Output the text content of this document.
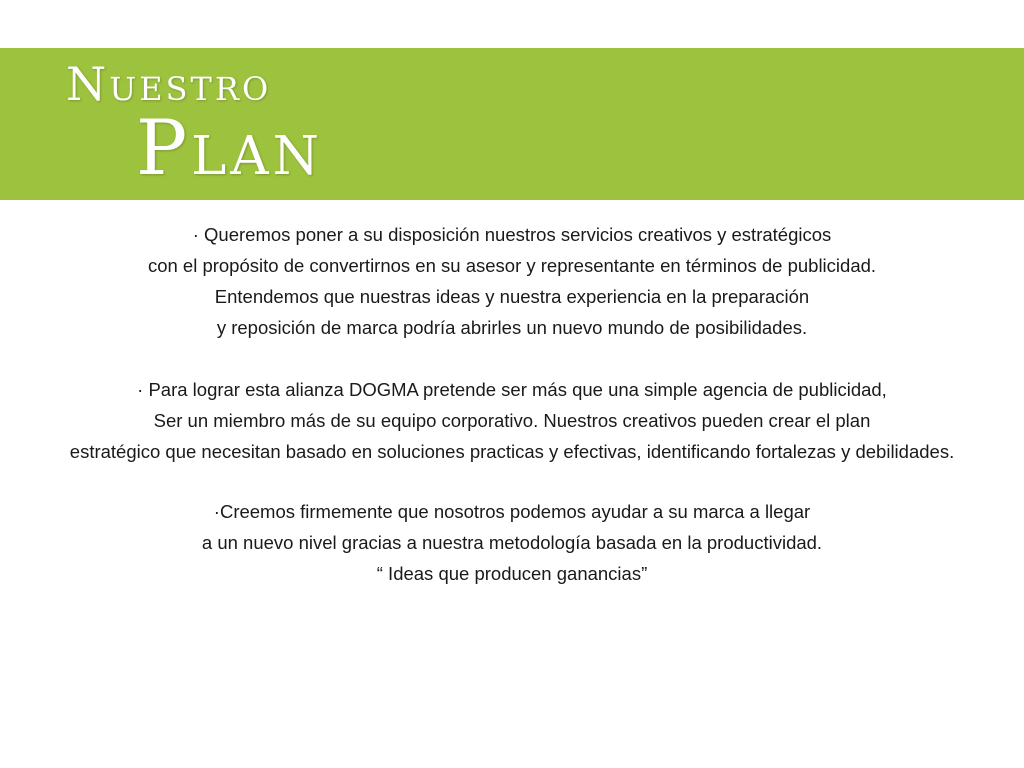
Nuestro
Plan

· Queremos poner a su disposición nuestros servicios creativos y estratégicos
con el propósito de convertirnos en su asesor y representante en términos de publicidad.
Entendemos que nuestras ideas y nuestra experiencia en la preparación
y reposición de marca podría abrirles un nuevo mundo de posibilidades.

· Para lograr esta alianza DOGMA pretende ser más que una simple agencia de publicidad,
Ser un miembro más de su equipo corporativo. Nuestros creativos pueden crear el plan
estratégico que necesitan basado en soluciones practicas y efectivas, identificando fortalezas y debilidades.

·Creemos firmemente que nosotros podemos ayudar a su marca a llegar
a un nuevo nivel gracias a nuestra metodología basada en la productividad.
“ Ideas que producen ganancias”
